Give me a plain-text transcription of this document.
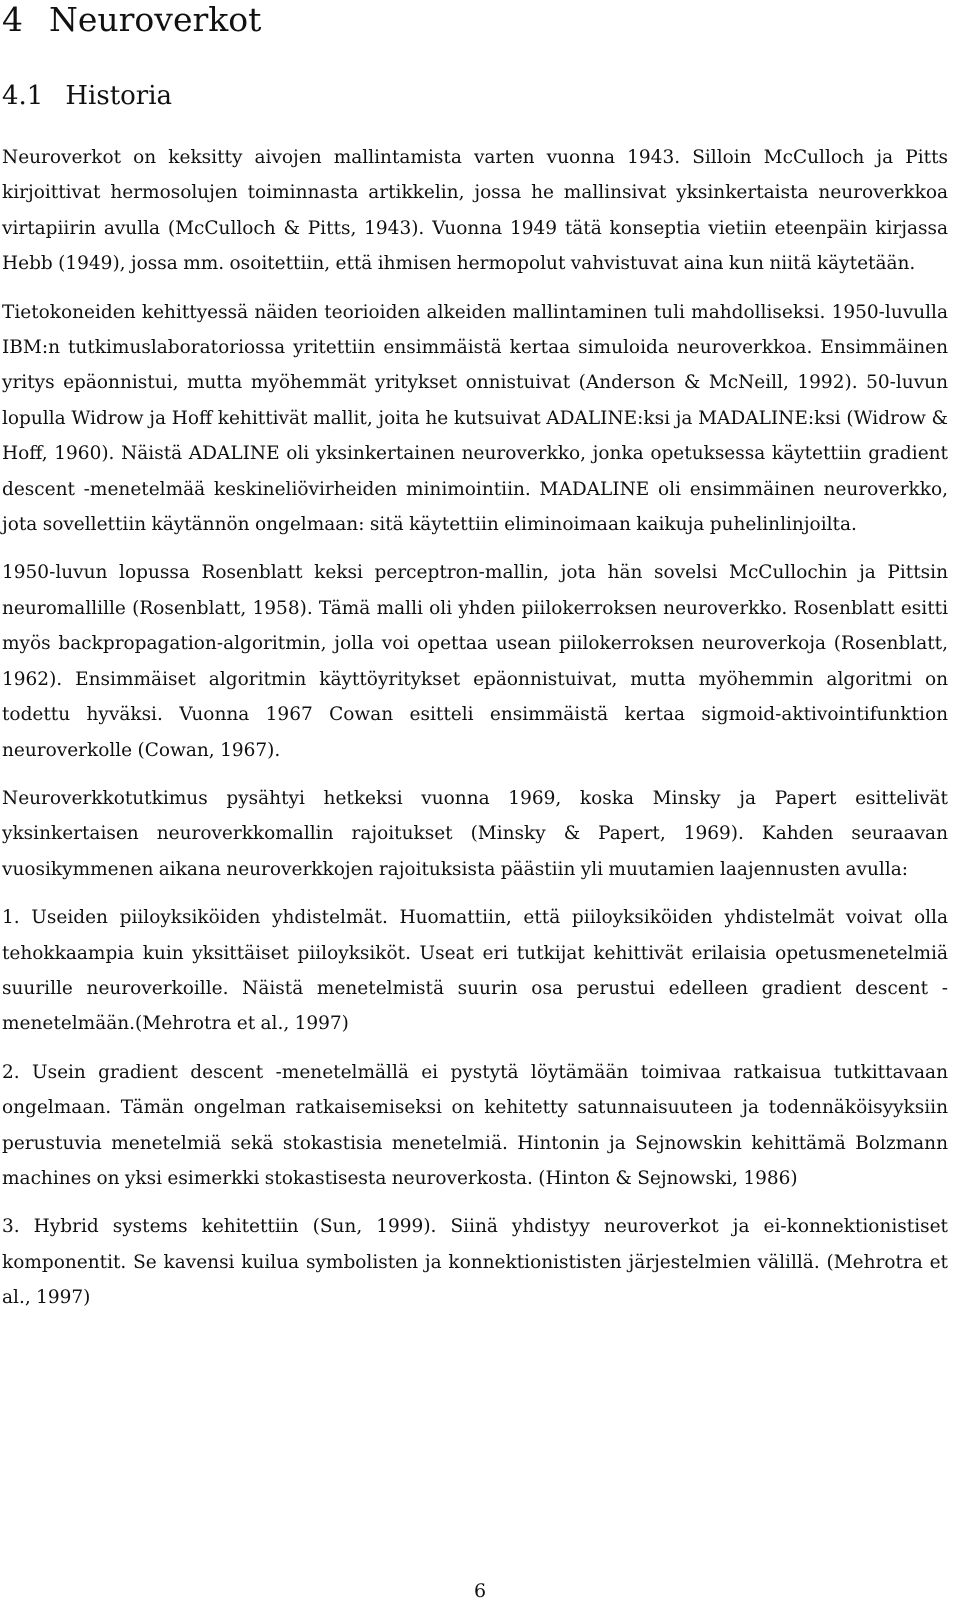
4 Neuroverkot
4.1 Historia

Neuroverkot on keksitty aivojen mallintamista varten vuonna 1943. Silloin McCulloch ja Pitts kirjoittivat hermosolujen toiminnasta artikkelin, jossa he mallinsivat yksinkertaista neuroverkkoa virtapiirin avulla (McCulloch & Pitts, 1943). Vuonna 1949 tätä konseptia vietiin eteenpäin kirjassa Hebb (1949), jossa mm. osoitettiin, että ihmisen hermopolut vahvistuvat aina kun niitä käytetään.

Tietokoneiden kehittyessä näiden teorioiden alkeiden mallintaminen tuli mahdolliseksi. 1950-luvulla IBM:n tutkimuslaboratoriossa yritettiin ensimmäistä kertaa simuloida neuroverkkoa. Ensimmäinen yritys epäonnistui, mutta myöhemmät yritykset onnistuivat (Anderson & McNeill, 1992). 50-luvun lopulla Widrow ja Hoff kehittivät mallit, joita he kutsuivat ADALINE:ksi ja MADALINE:ksi (Widrow & Hoff, 1960). Näistä ADALINE oli yksinkertainen neuroverkko, jonka opetuksessa käytettiin gradient descent -menetelmää keskineliövirheiden minimointiin. MADALINE oli ensimmäinen neuroverkko, jota sovellettiin käytännön ongelmaan: sitä käytettiin eliminoimaan kaikuja puhelinlinjoilta.

1950-luvun lopussa Rosenblatt keksi perceptron-mallin, jota hän sovelsi McCullochin ja Pittsin neuromallille (Rosenblatt, 1958). Tämä malli oli yhden piilokerroksen neuroverkko. Rosenblatt esitti myös backpropagation-algoritmin, jolla voi opettaa usean piilokerroksen neuroverkoja (Rosenblatt, 1962). Ensimmäiset algoritmin käyttöyritykset epäonnistuivat, mutta myöhemmin algoritmi on todettu hyväksi. Vuonna 1967 Cowan esitteli ensimmäistä kertaa sigmoid-aktivointifunktion neuroverkolle (Cowan, 1967).

Neuroverkkotutkimus pysähtyi hetkeksi vuonna 1969, koska Minsky ja Papert esittelivät yksinkertaisen neuroverkkomallin rajoitukset (Minsky & Papert, 1969). Kahden seuraavan vuosikymmenen aikana neuroverkkojen rajoituksista päästiin yli muutamien laajennusten avulla:

1. Useiden piiloyksiköiden yhdistelmät. Huomattiin, että piiloyksiköiden yhdistelmät voivat olla tehokkaampia kuin yksittäiset piiloyksiköt. Useat eri tutkijat kehittivät erilaisia opetusmenetelmiä suurille neuroverkoille. Näistä menetelmistä suurin osa perustui edelleen gradient descent -menetelmään.(Mehrotra et al., 1997)

2. Usein gradient descent -menetelmällä ei pystytä löytämään toimivaa ratkaisua tutkittavaan ongelmaan. Tämän ongelman ratkaisemiseksi on kehitetty satunnaisuuteen ja todennäköisyyksiin perustuvia menetelmiä sekä stokastisia menetelmiä. Hintonin ja Sejnowskin kehittämä Bolzmann machines on yksi esimerkki stokastisesta neuroverkosta. (Hinton & Sejnowski, 1986)

3. Hybrid systems kehitettiin (Sun, 1999). Siinä yhdistyy neuroverkot ja ei-konnektionistiset komponentit. Se kavensi kuilua symbolisten ja konnektionististen järjestelmien välillä. (Mehrotra et al., 1997)

6
